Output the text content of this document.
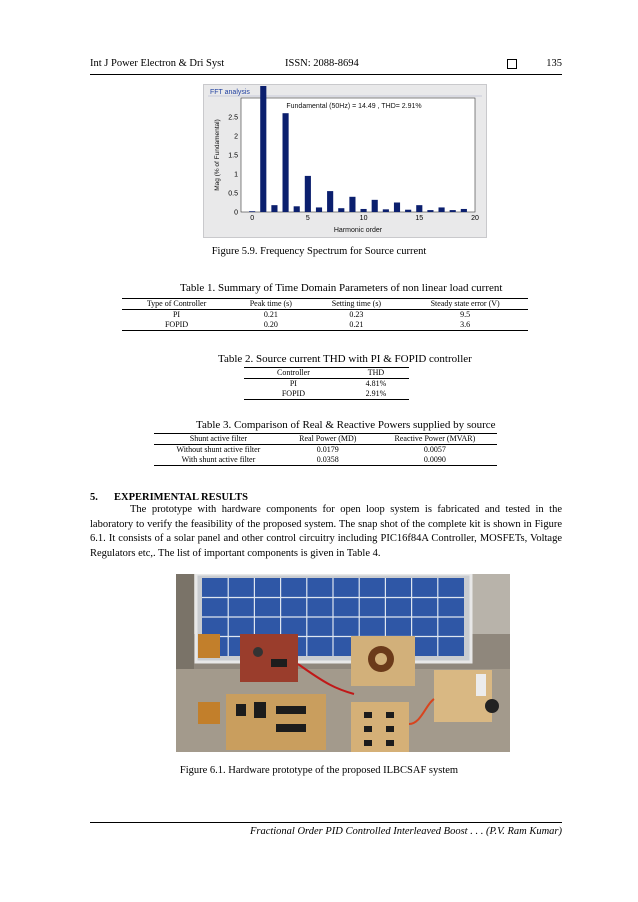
Int J Power Electron & Dri Syst	ISSN: 2088-8694	135
FFT analysis
Fundamental (50Hz) = 14.49 , THD= 2.91%
Harmonic order
Mag (% of Fundamental)
0	5	10	15	20
0
0.5
1
1.5
2
2.5
Figure 5.9. Frequency Spectrum for Source current
Table 1. Summary of Time Domain Parameters of non linear load current
Type of Controller	Peak time (s)	Setting time (s)	Steady state error (V)
PI	0.21	0.23	9.5
FOPID	0.20	0.21	3.6
Table 2. Source current THD with PI & FOPID controller
Controller	THD
PI	4.81%
FOPID	2.91%
Table 3. Comparison of Real & Reactive Powers supplied by source
Shunt active filter	Real Power (MD)	Reactive Power (MVAR)
Without shunt active filter	0.0179	0.0057
With shunt active filter	0.0358	0.0090
5. EXPERIMENTAL RESULTS
The prototype with hardware components for open loop system is fabricated and tested in the laboratory to verify the feasibility of the proposed system. The snap shot of the complete kit is shown in Figure 6.1. It consists of a solar panel and other control circuitry including PIC16f84A Controller, MOSFETs, Voltage Regulators etc,. The list of important components is given in Table 4.
Figure 6.1. Hardware prototype of the proposed ILBCSAF system
Fractional Order PID Controlled Interleaved Boost . . . (P.V. Ram Kumar)
